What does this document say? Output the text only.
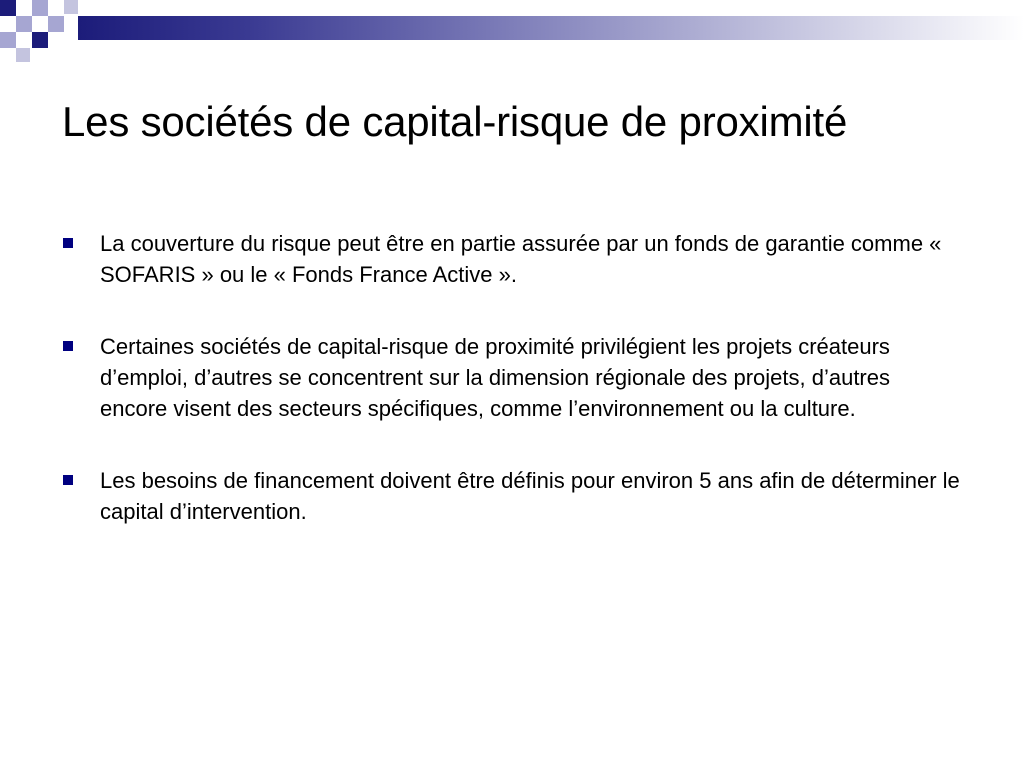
Les sociétés de capital-risque de proximité
La couverture du risque peut être en partie assurée par un fonds de garantie comme « SOFARIS » ou le « Fonds France Active ».
Certaines sociétés de capital-risque de proximité privilégient les projets créateurs d’emploi, d’autres se concentrent sur la dimension régionale des projets, d’autres encore visent des secteurs spécifiques, comme l’environnement ou la culture.
Les besoins de financement doivent être définis pour environ 5 ans afin de déterminer le capital d’intervention.
